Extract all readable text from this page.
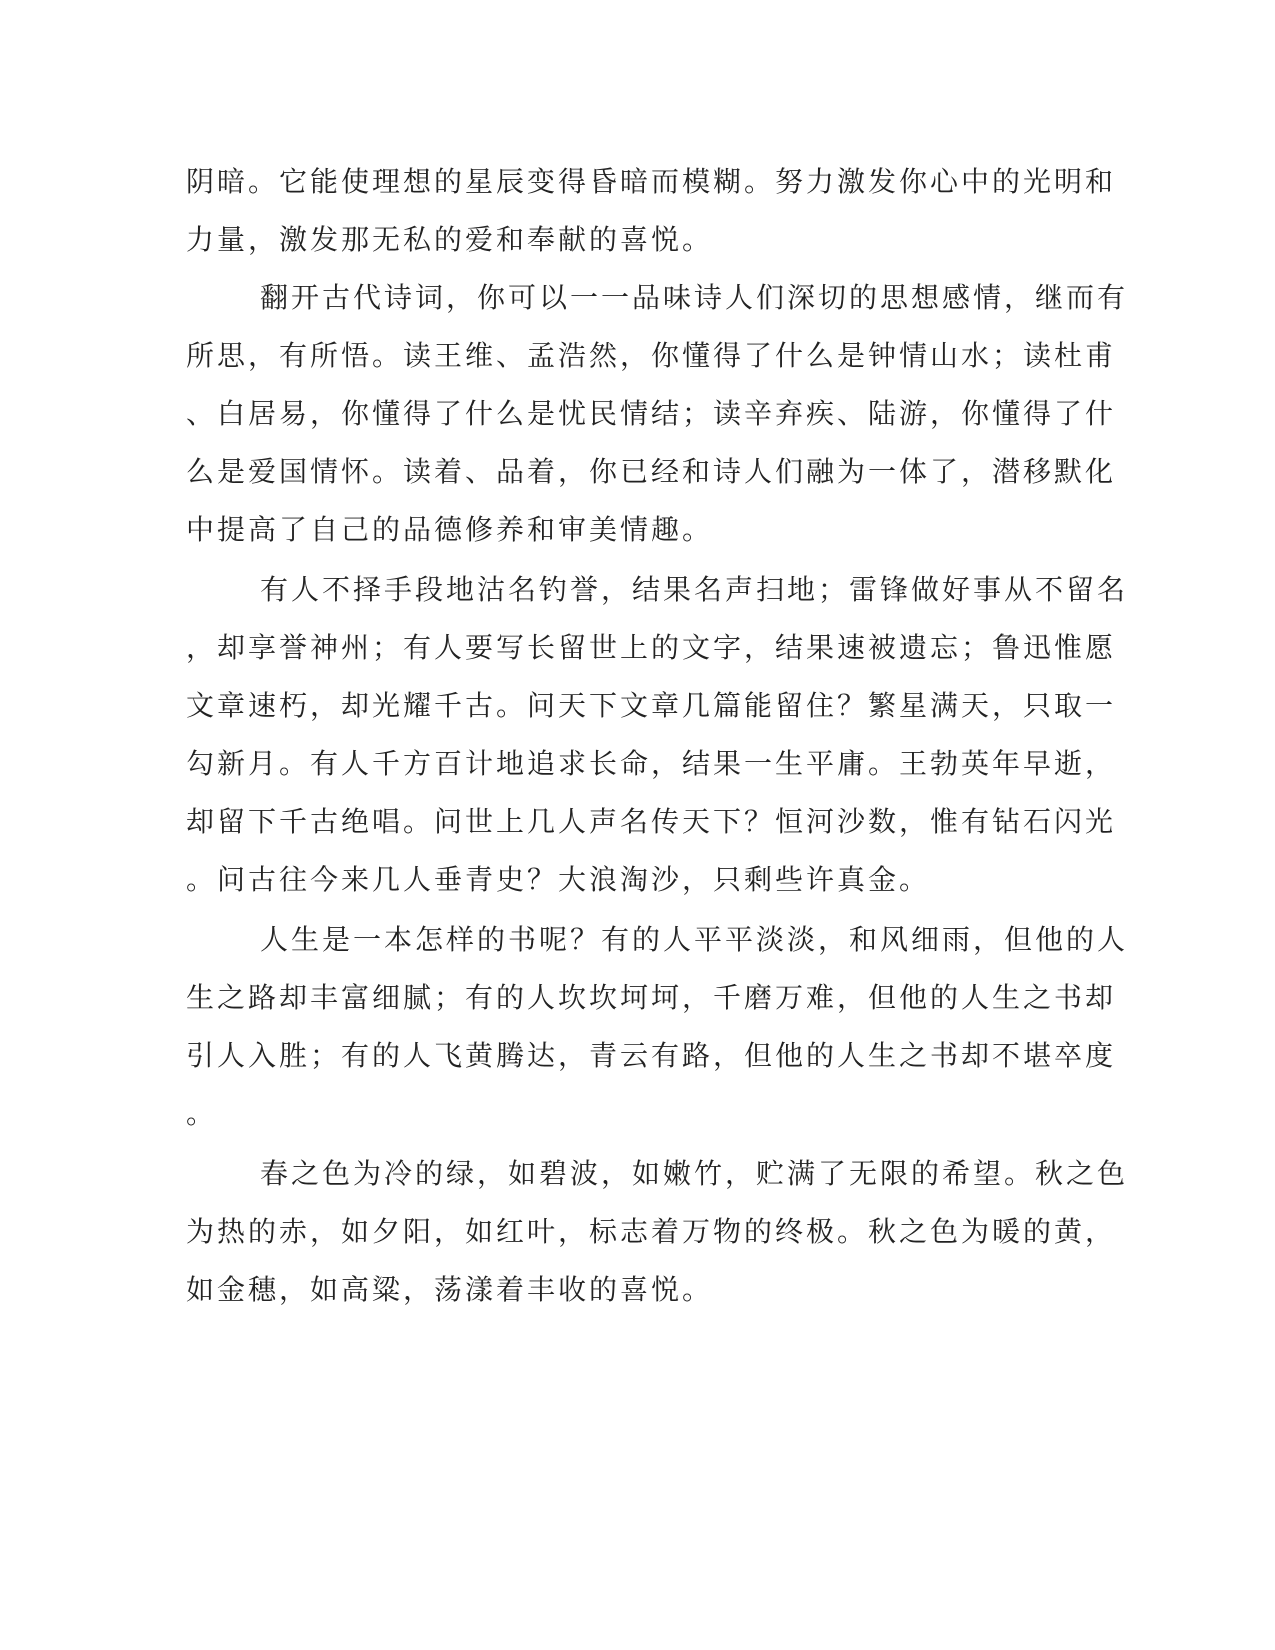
阴暗。它能使理想的星辰变得昏暗而模糊。努力激发你心中的光明和

力量，激发那无私的爱和奉献的喜悦。

翻开古代诗词，你可以一一品味诗人们深切的思想感情，继而有

所思，有所悟。读王维、孟浩然，你懂得了什么是钟情山水；读杜甫

、白居易，你懂得了什么是忧民情结；读辛弃疾、陆游，你懂得了什

么是爱国情怀。读着、品着，你已经和诗人们融为一体了，潜移默化

中提高了自己的品德修养和审美情趣。

有人不择手段地沽名钓誉，结果名声扫地；雷锋做好事从不留名

，却享誉神州；有人要写长留世上的文字，结果速被遗忘；鲁迅惟愿

文章速朽，却光耀千古。问天下文章几篇能留住？繁星满天，只取一

勾新月。有人千方百计地追求长命，结果一生平庸。王勃英年早逝，

却留下千古绝唱。问世上几人声名传天下？恒河沙数，惟有钻石闪光

。问古往今来几人垂青史？大浪淘沙，只剩些许真金。

人生是一本怎样的书呢？有的人平平淡淡，和风细雨，但他的人

生之路却丰富细腻；有的人坎坎坷坷，千磨万难，但他的人生之书却

引人入胜；有的人飞黄腾达，青云有路，但他的人生之书却不堪卒度

。

春之色为冷的绿，如碧波，如嫩竹，贮满了无限的希望。秋之色

为热的赤，如夕阳，如红叶，标志着万物的终极。秋之色为暖的黄，

如金穗，如高粱，荡漾着丰收的喜悦。
